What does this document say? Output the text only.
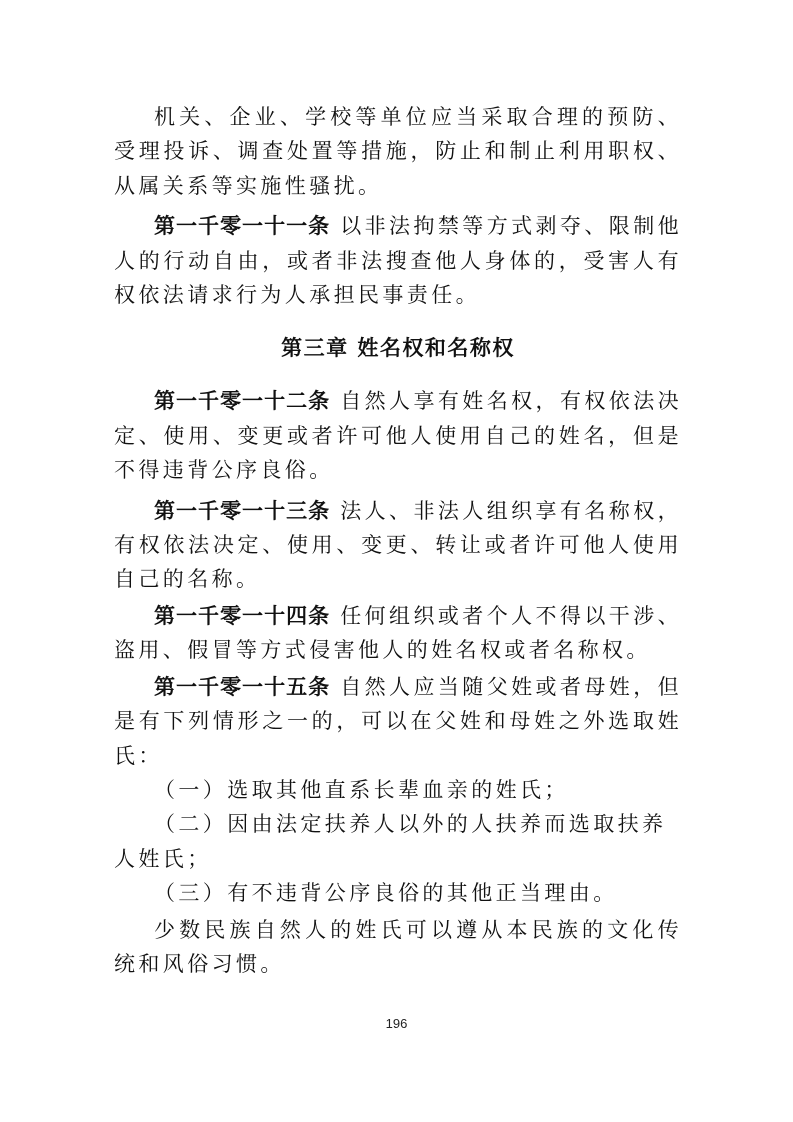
机关、企业、学校等单位应当采取合理的预防、受理投诉、调查处置等措施，防止和制止利用职权、从属关系等实施性骚扰。

第一千零一十一条 以非法拘禁等方式剥夺、限制他人的行动自由，或者非法搜查他人身体的，受害人有权依法请求行为人承担民事责任。

第三章 姓名权和名称权

第一千零一十二条 自然人享有姓名权，有权依法决定、使用、变更或者许可他人使用自己的姓名，但是不得违背公序良俗。

第一千零一十三条 法人、非法人组织享有名称权，有权依法决定、使用、变更、转让或者许可他人使用自己的名称。

第一千零一十四条 任何组织或者个人不得以干涉、盗用、假冒等方式侵害他人的姓名权或者名称权。

第一千零一十五条 自然人应当随父姓或者母姓，但是有下列情形之一的，可以在父姓和母姓之外选取姓氏：

（一）选取其他直系长辈血亲的姓氏；

（二）因由法定扶养人以外的人扶养而选取扶养人姓氏；

（三）有不违背公序良俗的其他正当理由。

少数民族自然人的姓氏可以遵从本民族的文化传统和风俗习惯。

196
